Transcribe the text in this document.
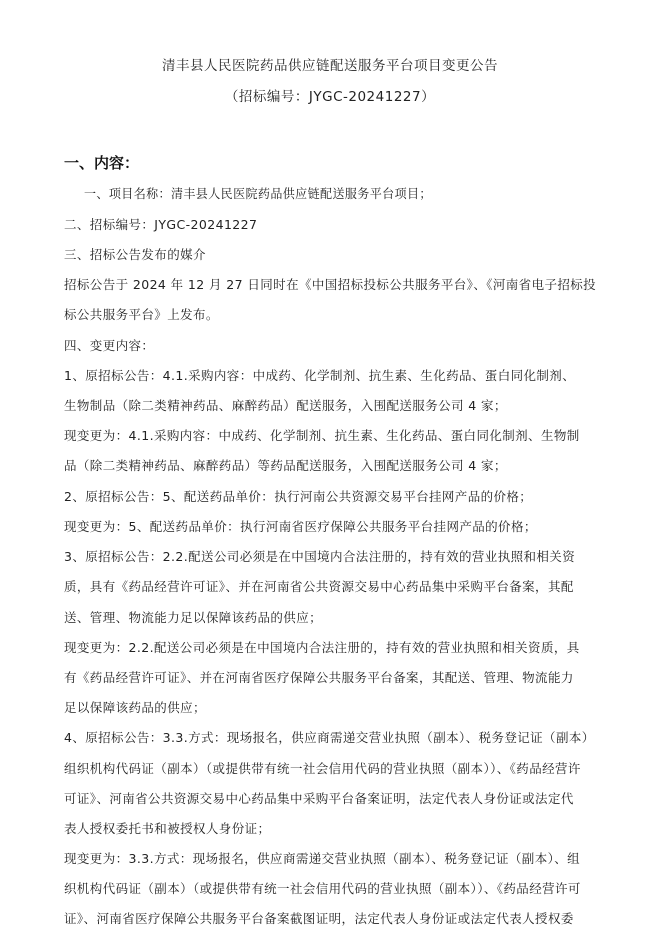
清丰县人民医院药品供应链配送服务平台项目变更公告
（招标编号：JYGC-20241227）
一、内容：
一、项目名称：清丰县人民医院药品供应链配送服务平台项目；
二、招标编号：JYGC-20241227
三、招标公告发布的媒介
招标公告于 2024 年 12 月 27 日同时在《中国招标投标公共服务平台》、《河南省电子招标投
标公共服务平台》上发布。
四、变更内容：
1、原招标公告：4.1.采购内容：中成药、化学制剂、抗生素、生化药品、蛋白同化制剂、
生物制品（除二类精神药品、麻醉药品）配送服务，入围配送服务公司 4 家；
现变更为：4.1.采购内容：中成药、化学制剂、抗生素、生化药品、蛋白同化制剂、生物制
品（除二类精神药品、麻醉药品）等药品配送服务，入围配送服务公司 4 家；
2、原招标公告：5、配送药品单价：执行河南公共资源交易平台挂网产品的价格；
现变更为：5、配送药品单价：执行河南省医疗保障公共服务平台挂网产品的价格；
3、原招标公告：2.2.配送公司必须是在中国境内合法注册的，持有效的营业执照和相关资
质，具有《药品经营许可证》、并在河南省公共资源交易中心药品集中采购平台备案，其配
送、管理、物流能力足以保障该药品的供应；
现变更为：2.2.配送公司必须是在中国境内合法注册的，持有效的营业执照和相关资质，具
有《药品经营许可证》、并在河南省医疗保障公共服务平台备案，其配送、管理、物流能力
足以保障该药品的供应；
4、原招标公告：3.3.方式：现场报名，供应商需递交营业执照（副本）、税务登记证（副本）
组织机构代码证（副本）（或提供带有统一社会信用代码的营业执照（副本））、《药品经营许
可证》、河南省公共资源交易中心药品集中采购平台备案证明，法定代表人身份证或法定代
表人授权委托书和被授权人身份证；
现变更为：3.3.方式：现场报名，供应商需递交营业执照（副本）、税务登记证（副本）、组
织机构代码证（副本）（或提供带有统一社会信用代码的营业执照（副本））、《药品经营许可
证》、河南省医疗保障公共服务平台备案截图证明，法定代表人身份证或法定代表人授权委
